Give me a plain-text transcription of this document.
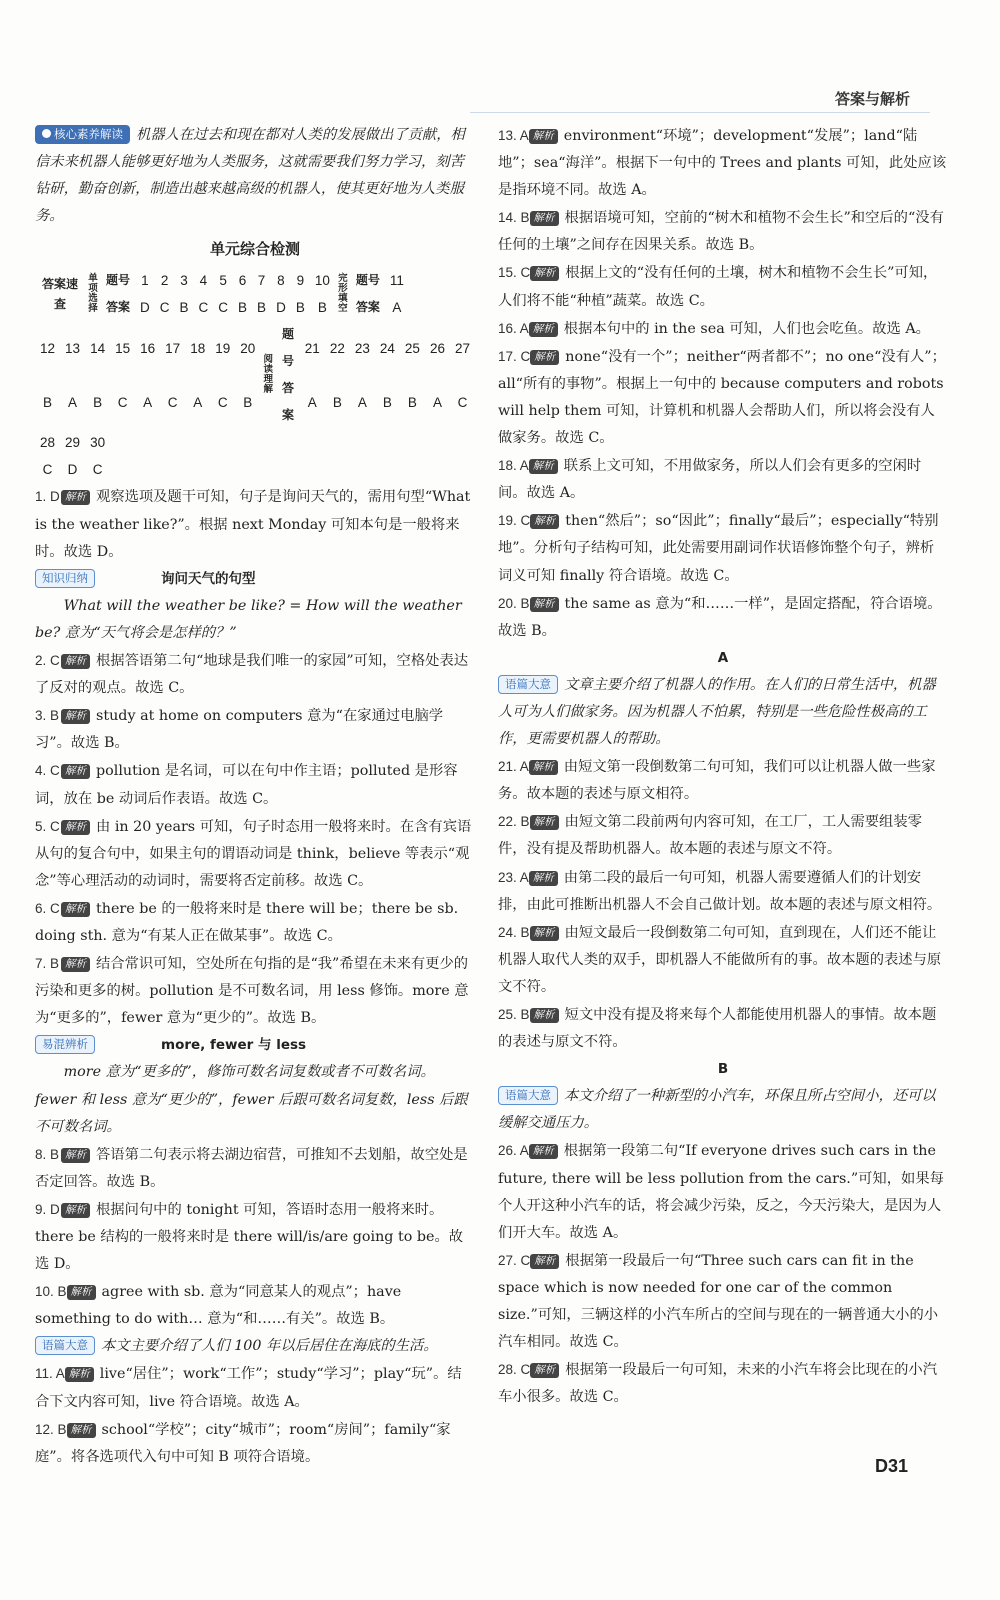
答案与解析
核心素养解读 机器人在过去和现在都对人类的发展做出了贡献，相信未来机器人能够更好地为人类服务，这就需要我们努力学习，刻苦钻研，勤奋创新，制造出越来越高级的机器人，使其更好地为人类服务。
单元综合检测
答案速查	单项选择	题号	1	2	3	4	5	6	7	8	9	10	完形填空	题号	11
		答案	D	C	B	C	C	B	B	D	B	B		答案	A
12	13	14	15	16	17	18	19	20	阅读理解	题号	21	22	23	24	25	26	27
B	A	B	C	A	C	A	C	B		答案	A	B	A	B	B	A	C
28	29	30															
C	D	C															
1. D 解析 观察选项及题干可知，句子是询问天气的，需用句型“What is the weather like?”。根据 next Monday 可知本句是一般将来时。故选 D。
知识归纳	询问天气的句型
What will the weather be like? = How will the weather be? 意为“天气将会是怎样的？”
2. C 解析 根据答语第二句“地球是我们唯一的家园”可知，空格处表达了反对的观点。故选 C。
3. B 解析 study at home on computers 意为“在家通过电脑学习”。故选 B。
4. C 解析 pollution 是名词，可以在句中作主语；polluted 是形容词，放在 be 动词后作表语。故选 C。
5. C 解析 由 in 20 years 可知，句子时态用一般将来时。在含有宾语从句的复合句中，如果主句的谓语动词是 think，believe 等表示“观念”等心理活动的动词时，需要将否定前移。故选 C。
6. C 解析 there be 的一般将来时是 there will be；there be sb. doing sth. 意为“有某人正在做某事”。故选 C。
7. B 解析 结合常识可知，空处所在句指的是“我”希望在未来有更少的污染和更多的树。pollution 是不可数名词，用 less 修饰。more 意为“更多的”，fewer 意为“更少的”。故选 B。
易混辨析	more, fewer 与 less
more 意为“更多的”，修饰可数名词复数或者不可数名词。fewer 和 less 意为“更少的”，fewer 后跟可数名词复数，less 后跟不可数名词。
8. B 解析 答语第二句表示将去湖边宿营，可推知不去划船，故空处是否定回答。故选 B。
9. D 解析 根据问句中的 tonight 可知，答语时态用一般将来时。there be 结构的一般将来时是 there will/is/are going to be。故选 D。
10. B 解析 agree with sb. 意为“同意某人的观点”；have something to do with… 意为“和……有关”。故选 B。
语篇大意 本文主要介绍了人们 100 年以后居住在海底的生活。
11. A 解析 live“居住”；work“工作”；study“学习”；play“玩”。结合下文内容可知，live 符合语境。故选 A。
12. B 解析 school“学校”；city“城市”；room“房间”；family“家庭”。将各选项代入句中可知 B 项符合语境。
13. A 解析 environment“环境”；development“发展”；land“陆地”；sea“海洋”。根据下一句中的 Trees and plants 可知，此处应该是指环境不同。故选 A。
14. B 解析 根据语境可知，空前的“树木和植物不会生长”和空后的“没有任何的土壤”之间存在因果关系。故选 B。
15. C 解析 根据上文的“没有任何的土壤，树木和植物不会生长”可知，人们将不能“种植”蔬菜。故选 C。
16. A 解析 根据本句中的 in the sea 可知，人们也会吃鱼。故选 A。
17. C 解析 none“没有一个”；neither“两者都不”；no one“没有人”；all“所有的事物”。根据上一句中的 because computers and robots will help them 可知，计算机和机器人会帮助人们，所以将会没有人做家务。故选 C。
18. A 解析 联系上文可知，不用做家务，所以人们会有更多的空闲时间。故选 A。
19. C 解析 then“然后”；so“因此”；finally“最后”；especially“特别地”。分析句子结构可知，此处需要用副词作状语修饰整个句子，辨析词义可知 finally 符合语境。故选 C。
20. B 解析 the same as 意为“和……一样”，是固定搭配，符合语境。故选 B。
A
语篇大意 文章主要介绍了机器人的作用。在人们的日常生活中，机器人可为人们做家务。因为机器人不怕累，特别是一些危险性极高的工作，更需要机器人的帮助。
21. A 解析 由短文第一段倒数第二句可知，我们可以让机器人做一些家务。故本题的表述与原文相符。
22. B 解析 由短文第二段前两句内容可知，在工厂，工人需要组装零件，没有提及帮助机器人。故本题的表述与原文不符。
23. A 解析 由第二段的最后一句可知，机器人需要遵循人们的计划安排，由此可推断出机器人不会自己做计划。故本题的表述与原文相符。
24. B 解析 由短文最后一段倒数第二句可知，直到现在，人们还不能让机器人取代人类的双手，即机器人不能做所有的事。故本题的表述与原文不符。
25. B 解析 短文中没有提及将来每个人都能使用机器人的事情。故本题的表述与原文不符。
B
语篇大意 本文介绍了一种新型的小汽车，环保且所占空间小，还可以缓解交通压力。
26. A 解析 根据第一段第二句“If everyone drives such cars in the future, there will be less pollution from the cars.”可知，如果每个人开这种小汽车的话，将会减少污染，反之，今天污染大，是因为人们开大车。故选 A。
27. C 解析 根据第一段最后一句“Three such cars can fit in the space which is now needed for one car of the common size.”可知，三辆这样的小汽车所占的空间与现在的一辆普通大小的小汽车相同。故选 C。
28. C 解析 根据第一段最后一句可知，未来的小汽车将会比现在的小汽车小很多。故选 C。
D31
